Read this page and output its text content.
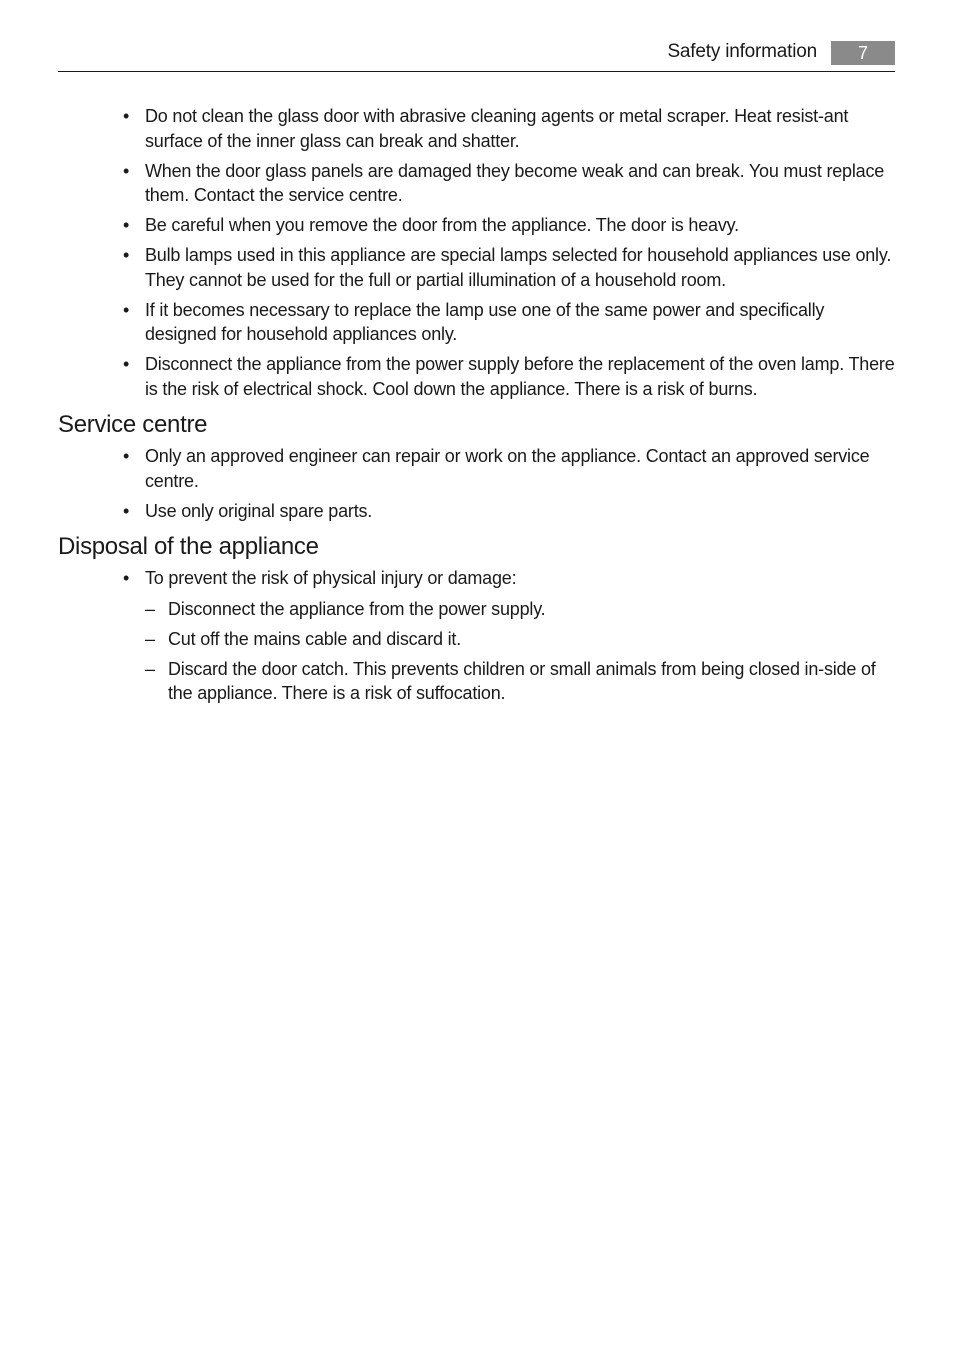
Safety information	7
• Do not clean the glass door with abrasive cleaning agents or metal scraper. Heat resist-ant surface of the inner glass can break and shatter.
• When the door glass panels are damaged they become weak and can break. You must replace them. Contact the service centre.
• Be careful when you remove the door from the appliance. The door is heavy.
• Bulb lamps used in this appliance are special lamps selected for household appliances use only. They cannot be used for the full or partial illumination of a household room.
• If it becomes necessary to replace the lamp use one of the same power and specifically designed for household appliances only.
• Disconnect the appliance from the power supply before the replacement of the oven lamp. There is the risk of electrical shock. Cool down the appliance. There is a risk of burns.
Service centre
• Only an approved engineer can repair or work on the appliance. Contact an approved service centre.
• Use only original spare parts.
Disposal of the appliance
• To prevent the risk of physical injury or damage:
– Disconnect the appliance from the power supply.
– Cut off the mains cable and discard it.
– Discard the door catch. This prevents children or small animals from being closed in-side of the appliance. There is a risk of suffocation.
